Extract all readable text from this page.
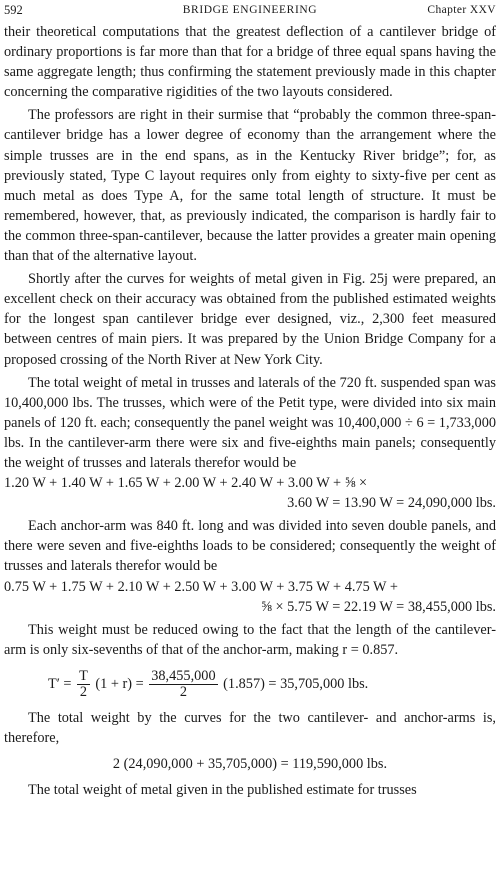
592	BRIDGE ENGINEERING	Chapter XXV

their theoretical computations that the greatest deflection of a cantilever bridge of ordinary proportions is far more than that for a bridge of three equal spans having the same aggregate length; thus confirming the statement previously made in this chapter concerning the comparative rigidities of the two layouts considered.

The professors are right in their surmise that “probably the common three-span-cantilever bridge has a lower degree of economy than the arrangement where the simple trusses are in the end spans, as in the Kentucky River bridge”; for, as previously stated, Type C layout requires only from eighty to sixty-five per cent as much metal as does Type A, for the same total length of structure. It must be remembered, however, that, as previously indicated, the comparison is hardly fair to the common three-span-cantilever, because the latter provides a greater main opening than that of the alternative layout.

Shortly after the curves for weights of metal given in Fig. 25j were prepared, an excellent check on their accuracy was obtained from the published estimated weights for the longest span cantilever bridge ever designed, viz., 2,300 feet measured between centres of main piers. It was prepared by the Union Bridge Company for a proposed crossing of the North River at New York City.

The total weight of metal in trusses and laterals of the 720 ft. suspended span was 10,400,000 lbs. The trusses, which were of the Petit type, were divided into six main panels of 120 ft. each; consequently the panel weight was 10,400,000 ÷ 6 = 1,733,000 lbs. In the cantilever-arm there were six and five-eighths main panels; consequently the weight of trusses and laterals therefor would be

1.20 W + 1.40 W + 1.65 W + 2.00 W + 2.40 W + 3.00 W + ⅝ ×
3.60 W = 13.90 W = 24,090,000 lbs.

Each anchor-arm was 840 ft. long and was divided into seven double panels, and there were seven and five-eighths loads to be considered; consequently the weight of trusses and laterals therefor would be

0.75 W + 1.75 W + 2.10 W + 2.50 W + 3.00 W + 3.75 W + 4.75 W +
⅝ × 5.75 W = 22.19 W = 38,455,000 lbs.

This weight must be reduced owing to the fact that the length of the cantilever-arm is only six-sevenths of that of the anchor-arm, making r = 0.857.

$T' = \frac{T}{2} (1 + r) = \frac{38,455,000}{2} (1.857) = 35,705,000$ lbs.

The total weight by the curves for the two cantilever- and anchor-arms is, therefore,

2 (24,090,000 + 35,705,000) = 119,590,000 lbs.

The total weight of metal given in the published estimate for trusses
